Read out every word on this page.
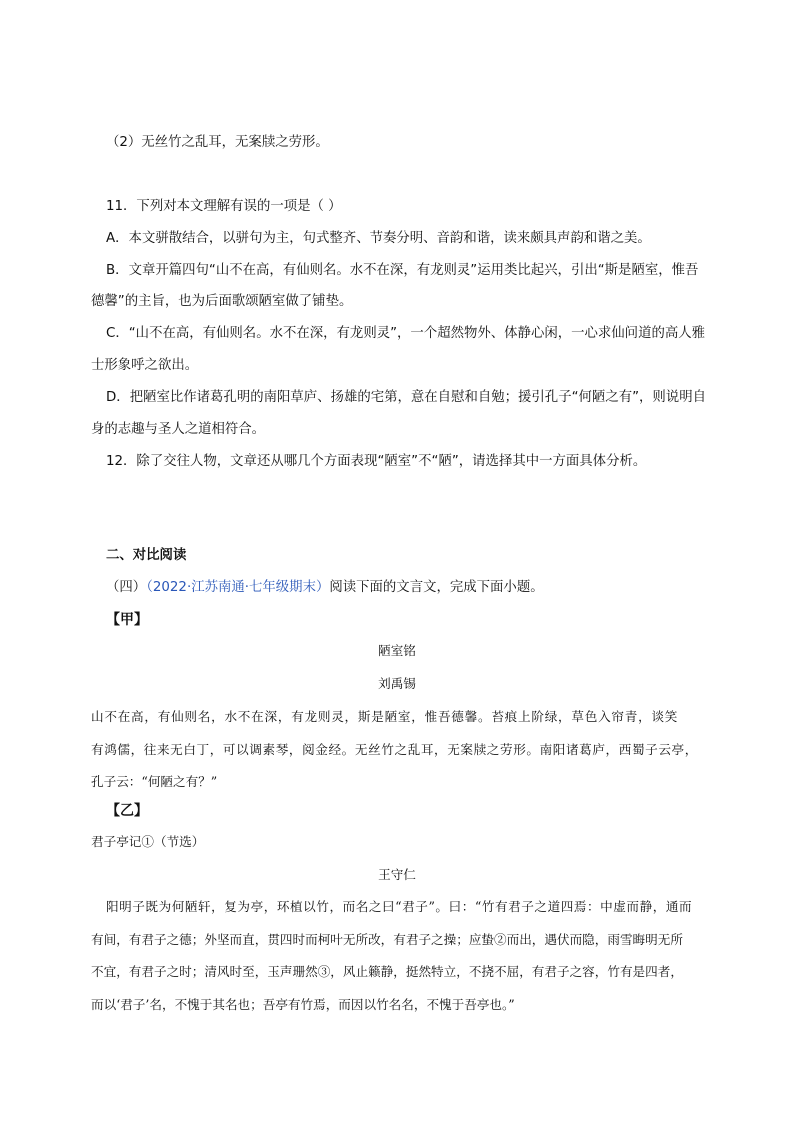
（2）无丝竹之乱耳，无案牍之劳形。
11．下列对本文理解有误的一项是（ ）
A．本文骈散结合，以骈句为主，句式整齐、节奏分明、音韵和谐，读来颇具声韵和谐之美。
B．文章开篇四句“山不在高，有仙则名。水不在深，有龙则灵”运用类比起兴，引出“斯是陋室，惟吾
德馨”的主旨，也为后面歌颂陋室做了铺垫。
C．“山不在高，有仙则名。水不在深，有龙则灵”，一个超然物外、体静心闲，一心求仙问道的高人雅
士形象呼之欲出。
D．把陋室比作诸葛孔明的南阳草庐、扬雄的宅第，意在自慰和自勉；援引孔子“何陋之有”，则说明自
身的志趣与圣人之道相符合。
12．除了交往人物，文章还从哪几个方面表现“陋室”不“陋”，请选择其中一方面具体分析。
二、对比阅读
（四）（2022·江苏南通·七年级期末）阅读下面的文言文，完成下面小题。
【甲】
陋室铭
刘禹锡
山不在高，有仙则名，水不在深，有龙则灵，斯是陋室，惟吾德馨。苔痕上阶绿，草色入帘青，谈笑
有鸿儒，往来无白丁，可以调素琴，阅金经。无丝竹之乱耳，无案牍之劳形。南阳诸葛庐，西蜀子云亭，
孔子云：“何陋之有？”
【乙】
君子亭记①（节选）
王守仁
阳明子既为何陋轩，复为亭，环植以竹，而名之曰“君子”。曰：“竹有君子之道四焉：中虚而静，通而
有间，有君子之德；外坚而直，贯四时而柯叶无所改，有君子之操；应蛰②而出，遇伏而隐，雨雪晦明无所
不宜，有君子之时；清风时至，玉声珊然③，风止籁静，挺然特立，不挠不屈，有君子之容，竹有是四者，
而以‘君子’名，不愧于其名也；吾亭有竹焉，而因以竹名名，不愧于吾亭也。”
